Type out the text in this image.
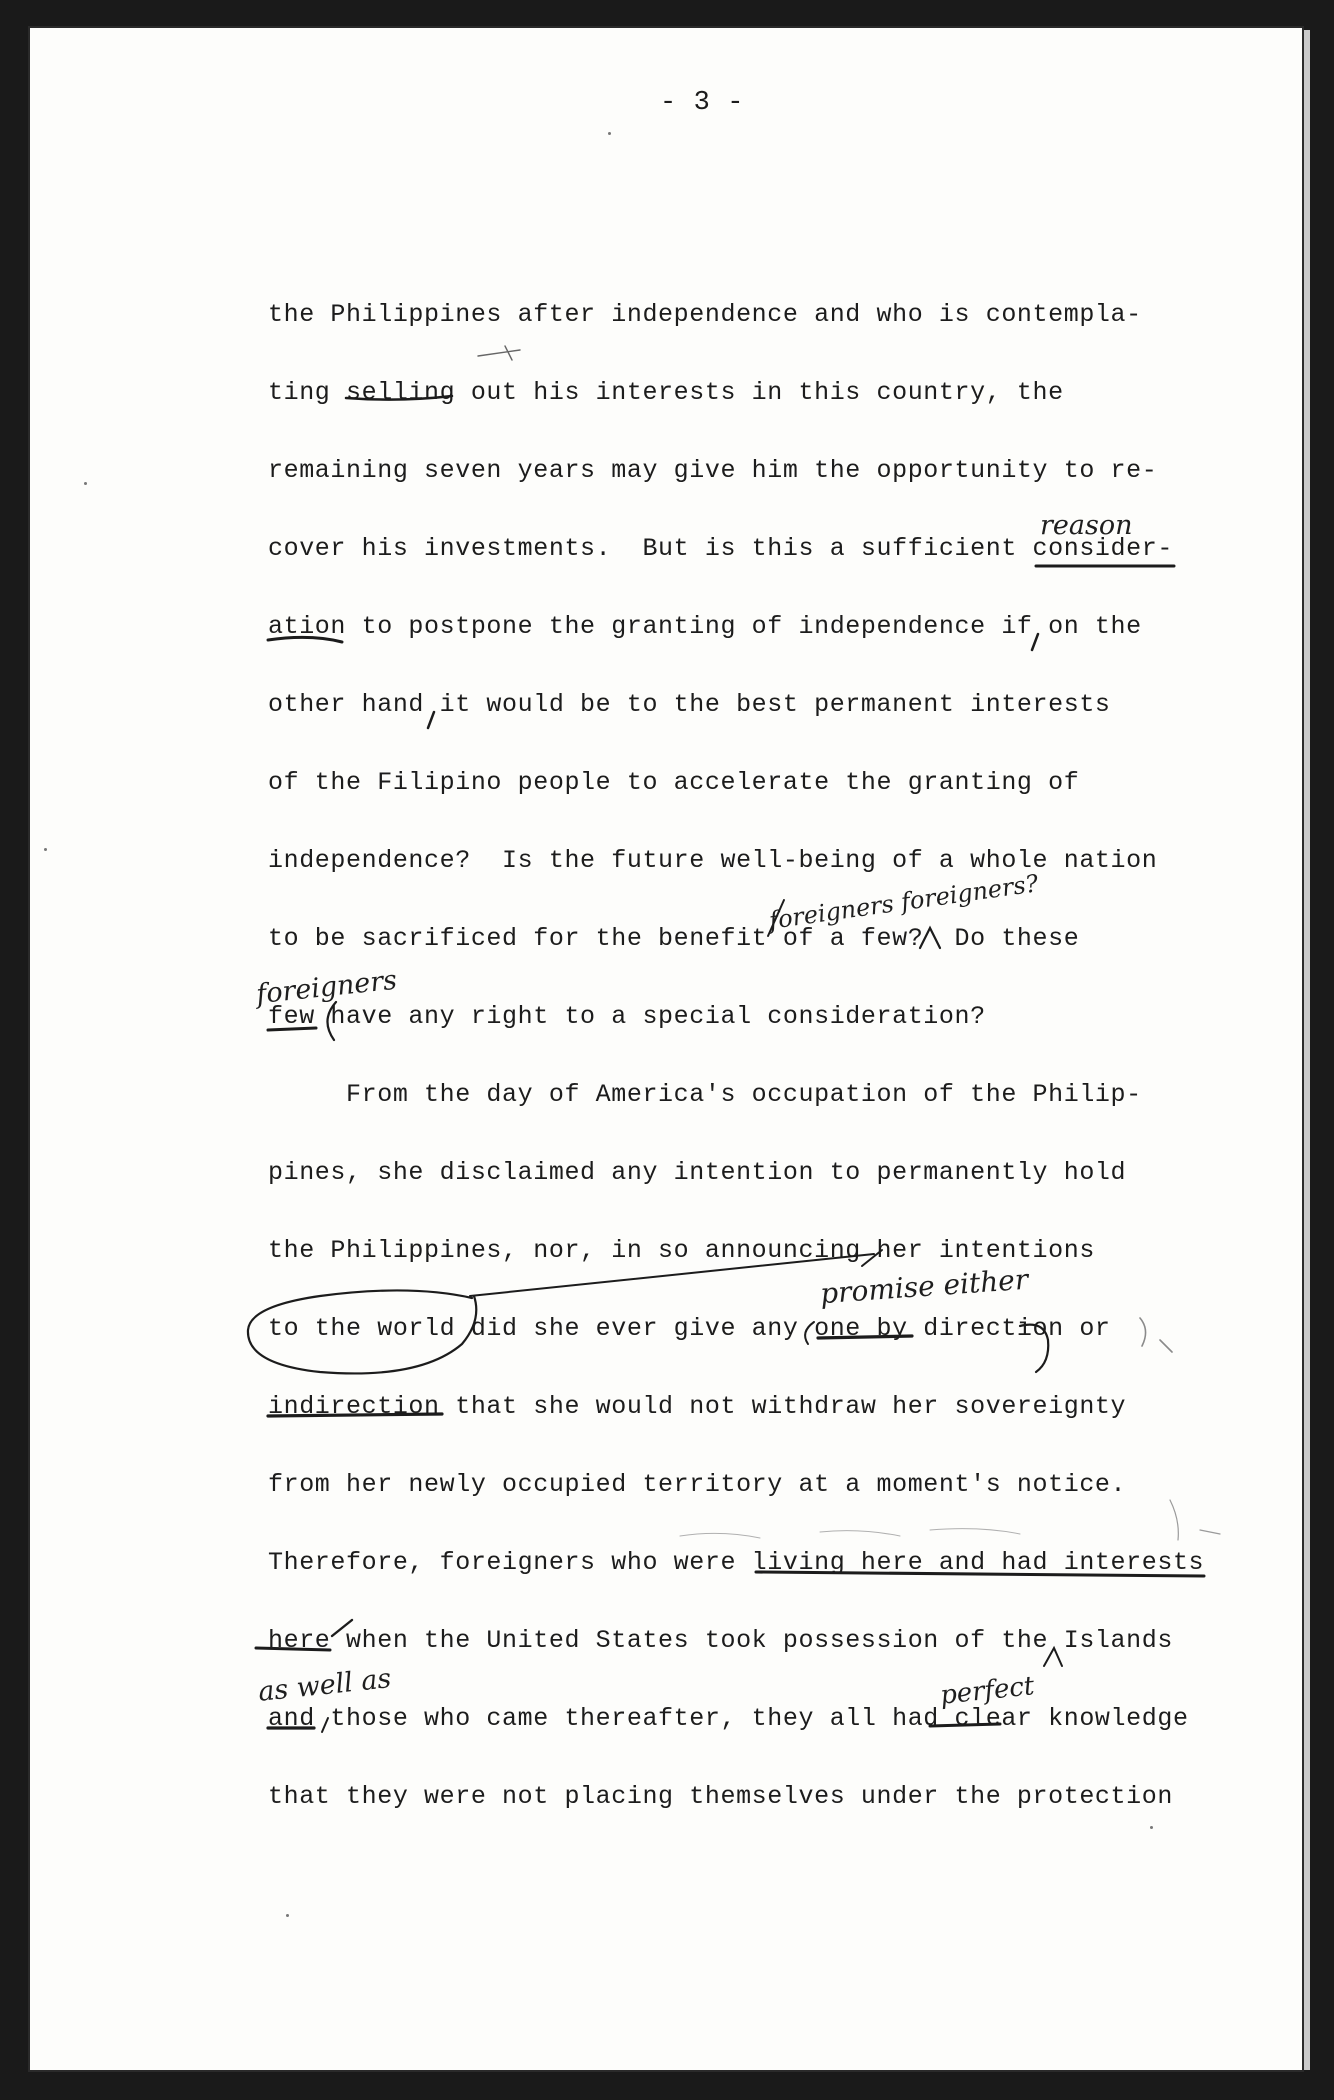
- 3 -
the Philippines after independence and who is contempla-
ting selling out his interests in this country, the
remaining seven years may give him the opportunity to re-
cover his investments.  But is this a sufficient consider-
ation to postpone the granting of independence if on the
other hand it would be to the best permanent interests
of the Filipino people to accelerate the granting of
independence?  Is the future well-being of a whole nation
to be sacrificed for the benefit of a few?  Do these
few have any right to a special consideration?
From the day of America's occupation of the Philip-
pines, she disclaimed any intention to permanently hold
the Philippines, nor, in so announcing her intentions
to the world did she ever give any one by direction or
indirection that she would not withdraw her sovereignty
from her newly occupied territory at a moment's notice.
Therefore, foreigners who were living here and had interests
here when the United States took possession of the Islands
and those who came thereafter, they all had clear knowledge
that they were not placing themselves under the protection
reason
foreigners foreigners?
foreigners
promise either
as well as	perfect
